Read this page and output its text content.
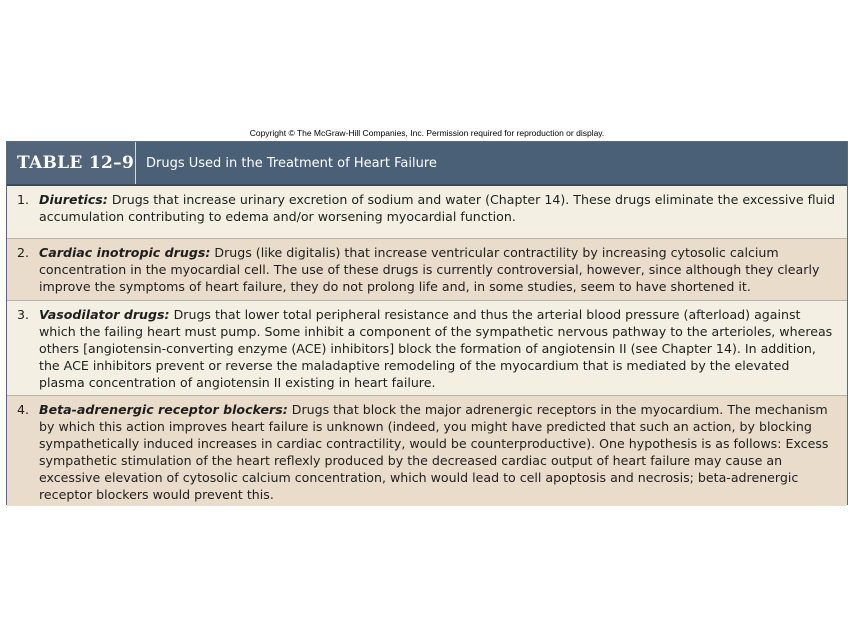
Copyright © The McGraw-Hill Companies, Inc. Permission required for reproduction or display.
TABLE 12–9 Drugs Used in the Treatment of Heart Failure
1. Diuretics: Drugs that increase urinary excretion of sodium and water (Chapter 14). These drugs eliminate the excessive fluid accumulation contributing to edema and/or worsening myocardial function.
2. Cardiac inotropic drugs: Drugs (like digitalis) that increase ventricular contractility by increasing cytosolic calcium concentration in the myocardial cell. The use of these drugs is currently controversial, however, since although they clearly improve the symptoms of heart failure, they do not prolong life and, in some studies, seem to have shortened it.
3. Vasodilator drugs: Drugs that lower total peripheral resistance and thus the arterial blood pressure (afterload) against which the failing heart must pump. Some inhibit a component of the sympathetic nervous pathway to the arterioles, whereas others [angiotensin-converting enzyme (ACE) inhibitors] block the formation of angiotensin II (see Chapter 14). In addition, the ACE inhibitors prevent or reverse the maladaptive remodeling of the myocardium that is mediated by the elevated plasma concentration of angiotensin II existing in heart failure.
4. Beta-adrenergic receptor blockers: Drugs that block the major adrenergic receptors in the myocardium. The mechanism by which this action improves heart failure is unknown (indeed, you might have predicted that such an action, by blocking sympathetically induced increases in cardiac contractility, would be counterproductive). One hypothesis is as follows: Excess sympathetic stimulation of the heart reflexly produced by the decreased cardiac output of heart failure may cause an excessive elevation of cytosolic calcium concentration, which would lead to cell apoptosis and necrosis; beta-adrenergic receptor blockers would prevent this.
